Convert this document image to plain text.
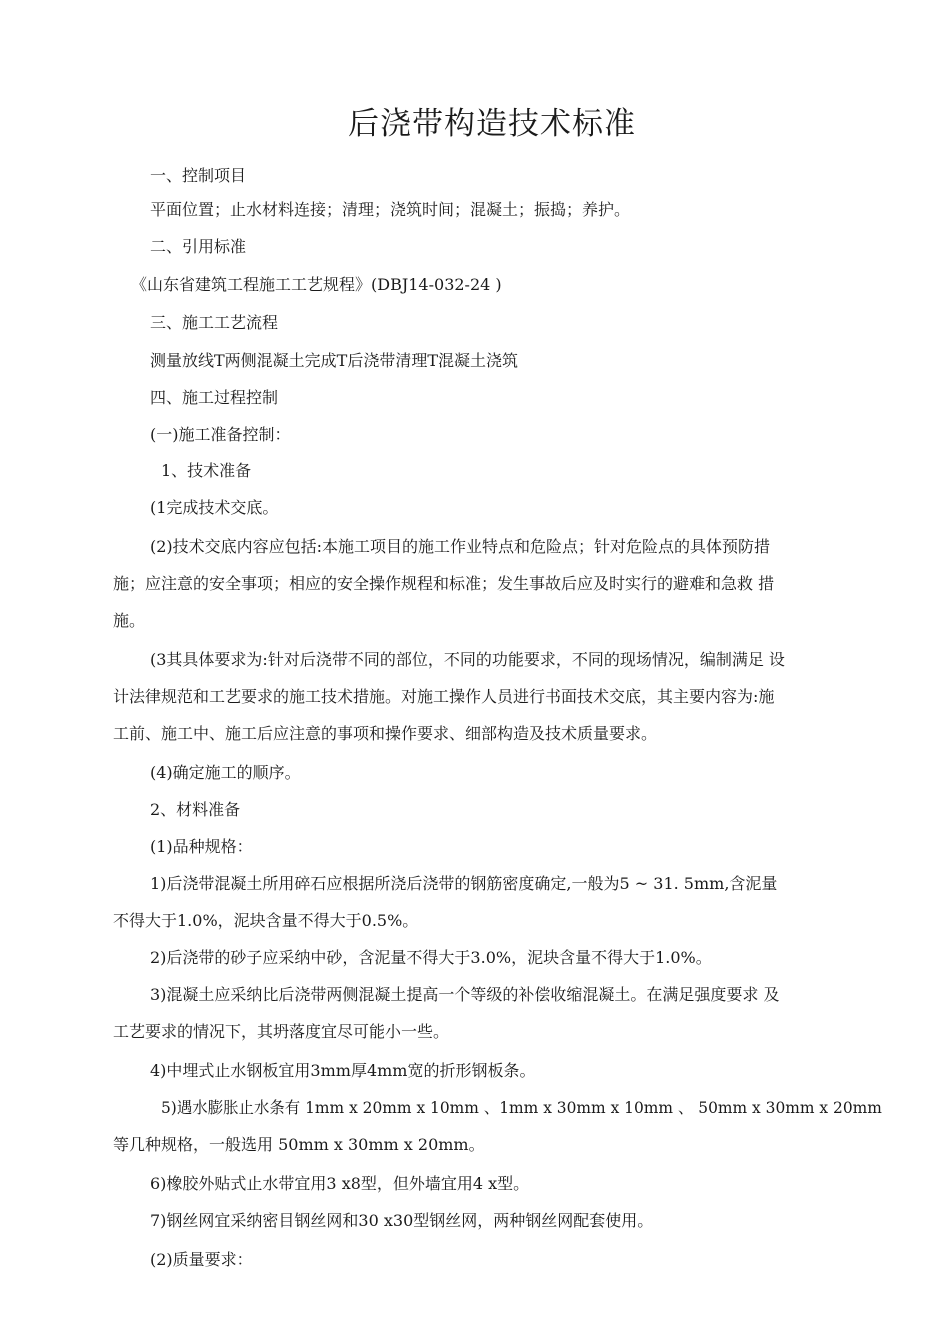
后浇带构造技术标准

一、控制项目

平面位置；止水材料连接；清理；浇筑时间；混凝土；振捣；养护。

二、引用标准

《山东省建筑工程施工工艺规程》(DBJ14-032-24 )

三、施工工艺流程

测量放线T两侧混凝土完成T后浇带清理T混凝土浇筑

四、施工过程控制

(一)施工准备控制：

1、技术准备

(1完成技术交底。

(2)技术交底内容应包括:本施工项目的施工作业特点和危险点；针对危险点的具体预防措

施；应注意的安全事项；相应的安全操作规程和标准；发生事故后应及时实行的避难和急救 措

施。

(3其具体要求为:针对后浇带不同的部位，不同的功能要求，不同的现场情况，编制满足 设

计法律规范和工艺要求的施工技术措施。对施工操作人员进行书面技术交底，其主要内容为:施

工前、施工中、施工后应注意的事项和操作要求、细部构造及技术质量要求。

(4)确定施工的顺序。

2、材料准备

(1)品种规格：

1)后浇带混凝土所用碎石应根据所浇后浇带的钢筋密度确定,一般为5 ~ 31. 5mm,含泥量

不得大于1.0%，泥块含量不得大于0.5%。

2)后浇带的砂子应采纳中砂，含泥量不得大于3.0%，泥块含量不得大于1.0%。

3)混凝土应采纳比后浇带两侧混凝土提高一个等级的补偿收缩混凝土。在满足强度要求 及

工艺要求的情况下，其坍落度宜尽可能小一些。

4)中埋式止水钢板宜用3mm厚4mm宽的折形钢板条。

5)遇水膨胀止水条有 1mm x 20mm x 10mm 、1mm x 30mm x 10mm 、 50mm x 30mm x 20mm

等几种规格，一般选用 50mm x 30mm x 20mm。

6)橡胶外贴式止水带宜用3 x8型，但外墙宜用4 x型。

7)钢丝网宜采纳密目钢丝网和30 x30型钢丝网，两种钢丝网配套使用。

(2)质量要求：
